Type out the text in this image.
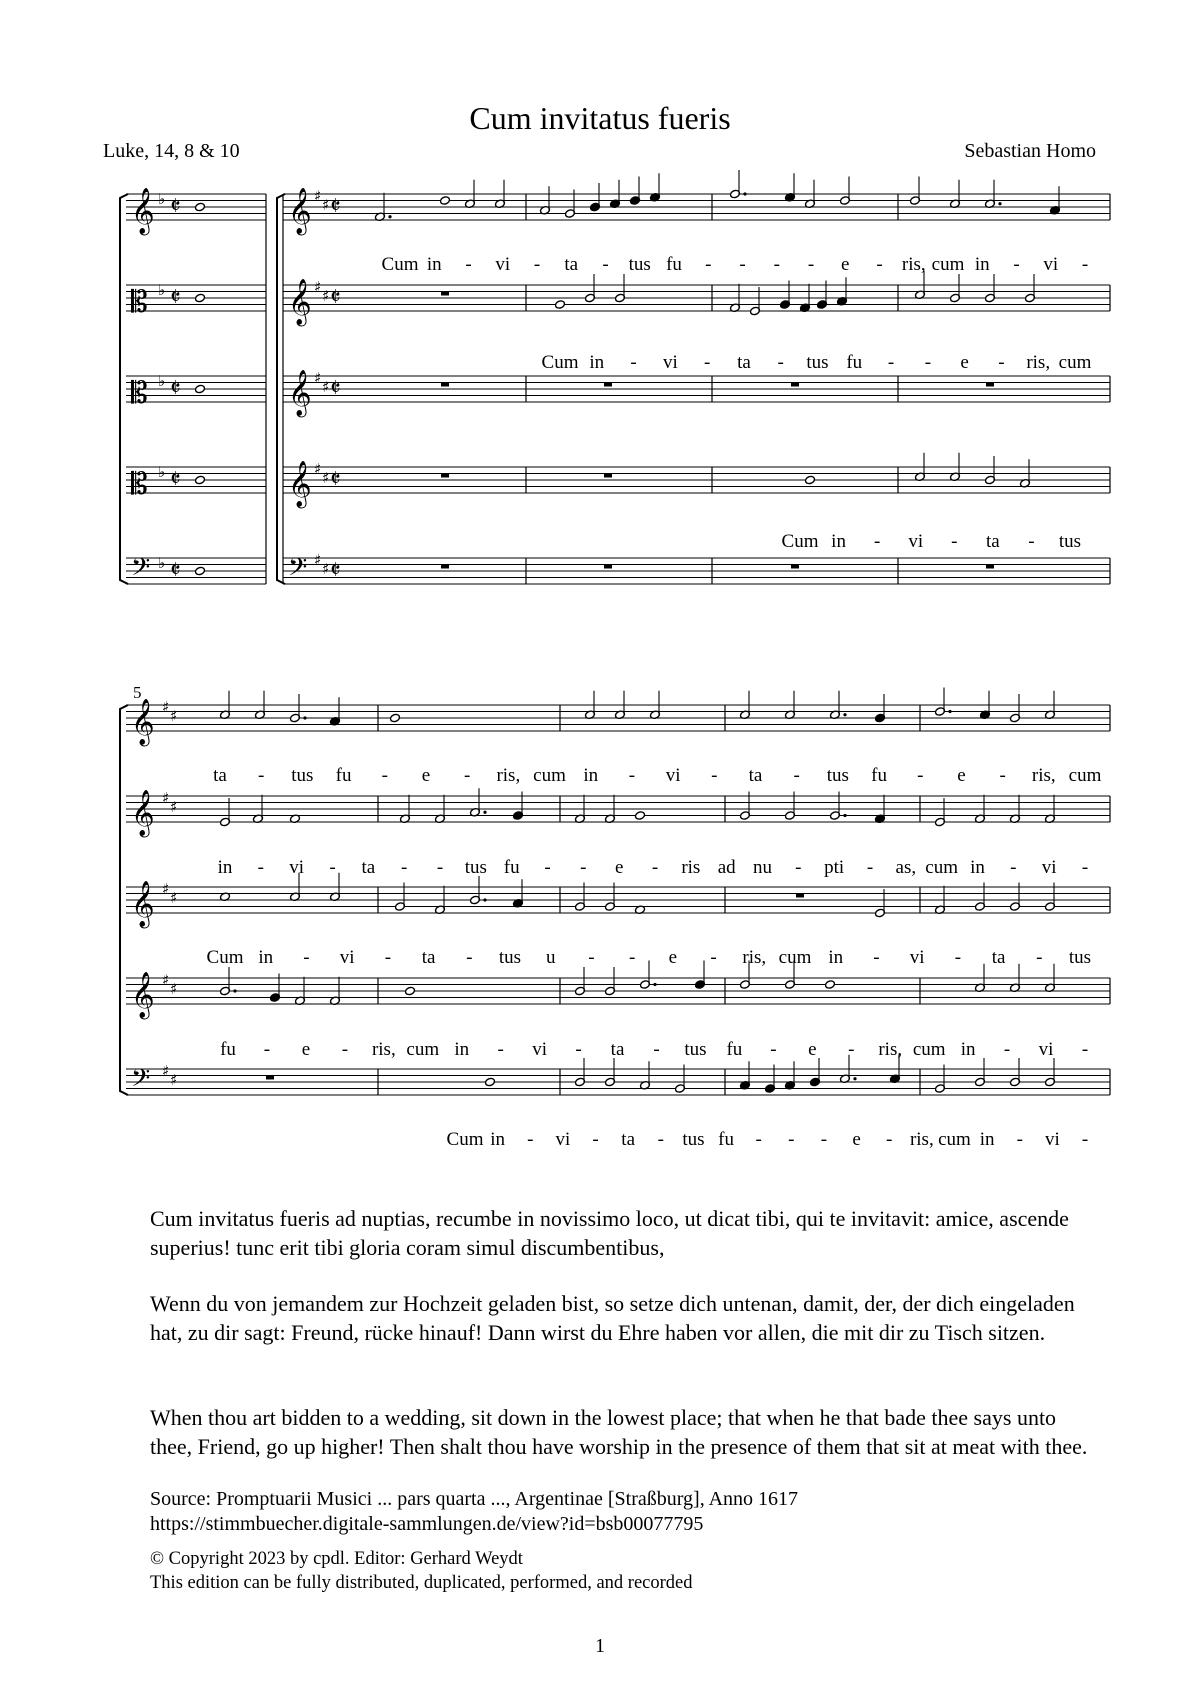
Cum invitatus fueris
Luke, 14, 8 & 10	Sebastian Homo
𝄞 ♭ 𝄵	𝄞 ♯ ♯ 𝄵
𝄡 ♭ 𝄵	𝄞 ♯ ♯ 𝄵
𝄡 ♭ 𝄵	𝄞 ♯ ♯ 𝄵
𝄡 ♭ 𝄵	𝄞 ♯ ♯ 𝄵
𝄢 ♭ 𝄵	𝄢 ♯ ♯ 𝄵
Cum in - vi - ta - tus fu - - - - e - ris, cum in - vi -
Cum in - vi - ta - tus fu - - e - ris, cum
Cum in - vi - ta - tus
𝄞 ♯ ♯
𝄞 ♯ ♯
𝄞 ♯ ♯
𝄞 ♯ ♯
𝄢 ♯ ♯
ta - tus fu - e - ris, cum in - vi - ta - tus fu - e - ris, cum
in - vi - ta - - tus fu - - e - ris ad nu - pti - as, cum in - vi -
Cum in - vi - ta - tus u - - e - ris, cum in - vi - ta - tus
fu - e - ris, cum in - vi - ta - tus fu - e - ris, cum in - vi -
Cum in - vi - ta - tus fu - - - e - ris, cum in - vi -
5

Cum invitatus fueris ad nuptias, recumbe in novissimo loco, ut dicat tibi, qui te invitavit: amice, ascende superius! tunc erit tibi gloria coram simul discumbentibus,

Wenn du von jemandem zur Hochzeit geladen bist, so setze dich untenan, damit, der, der dich eingeladen hat, zu dir sagt: Freund, rücke hinauf! Dann wirst du Ehre haben vor allen, die mit dir zu Tisch sitzen.

When thou art bidden to a wedding, sit down in the lowest place; that when he that bade thee says unto thee, Friend, go up higher! Then shalt thou have worship in the presence of them that sit at meat with thee.

Source: Promptuarii Musici ... pars quarta ..., Argentinae [Straßburg], Anno 1617

https://stimmbuecher.digitale-sammlungen.de/view?id=bsb00077795

© Copyright 2023 by cpdl. Editor: Gerhard Weydt

This edition can be fully distributed, duplicated, performed, and recorded

1
